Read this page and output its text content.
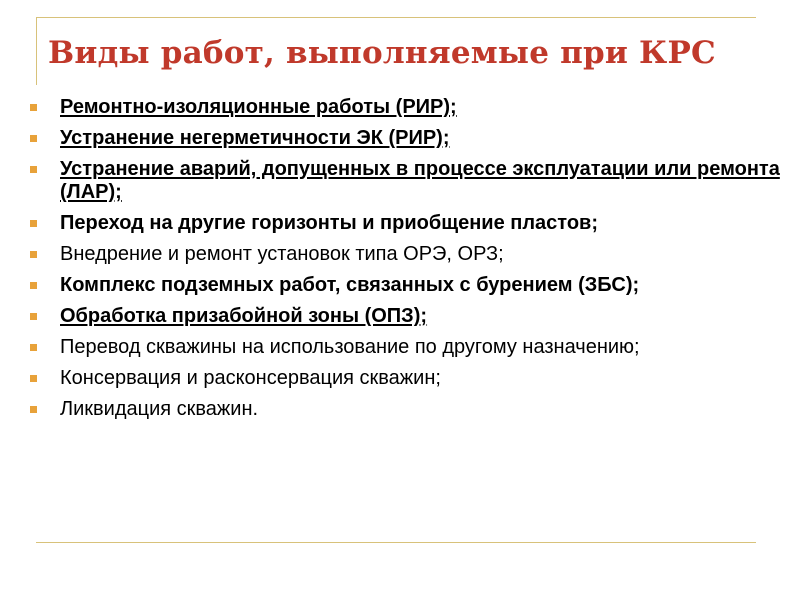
Виды работ, выполняемые при КРС
Ремонтно-изоляционные работы (РИР);
Устранение негерметичности ЭК (РИР);
Устранение аварий, допущенных в процессе эксплуатации или ремонта (ЛАР);
Переход на другие горизонты и приобщение пластов;
Внедрение и ремонт установок типа ОРЭ, ОРЗ;
Комплекс подземных работ, связанных с бурением (ЗБС);
Обработка призабойной зоны (ОПЗ);
Перевод скважины на использование по другому назначению;
Консервация и расконсервация скважин;
Ликвидация скважин.
